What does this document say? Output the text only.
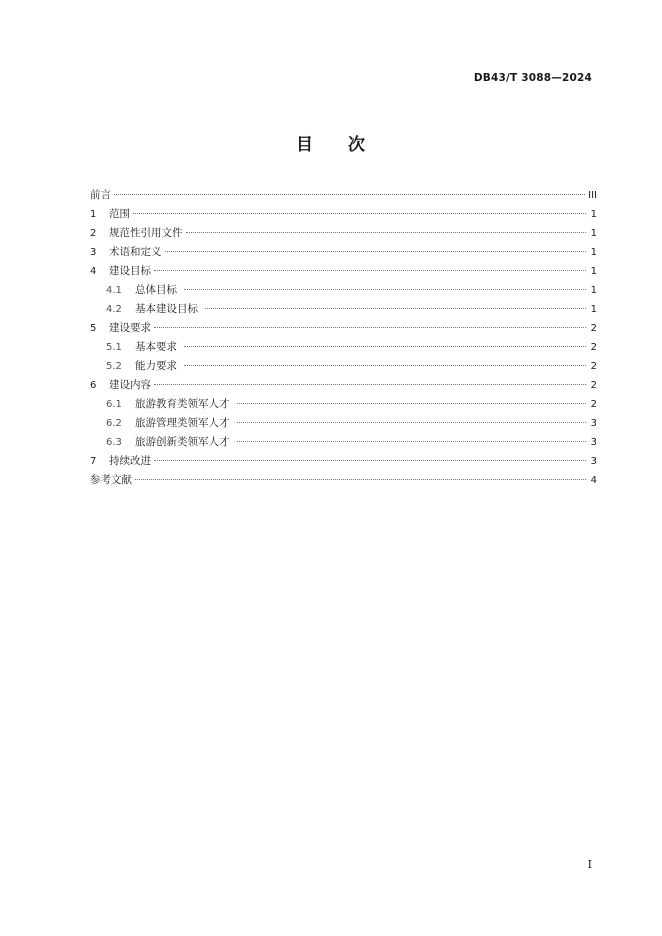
DB43/T 3088—2024
目 次
前言	III
1	范围	1
2	规范性引用文件	1
3	术语和定义	1
4	建设目标	1
4.1	总体目标	1
4.2	基本建设目标	1
5	建设要求	2
5.1	基本要求	2
5.2	能力要求	2
6	建设内容	2
6.1	旅游教育类领军人才	2
6.2	旅游管理类领军人才	3
6.3	旅游创新类领军人才	3
7	持续改进	3
参考文献	4
I
